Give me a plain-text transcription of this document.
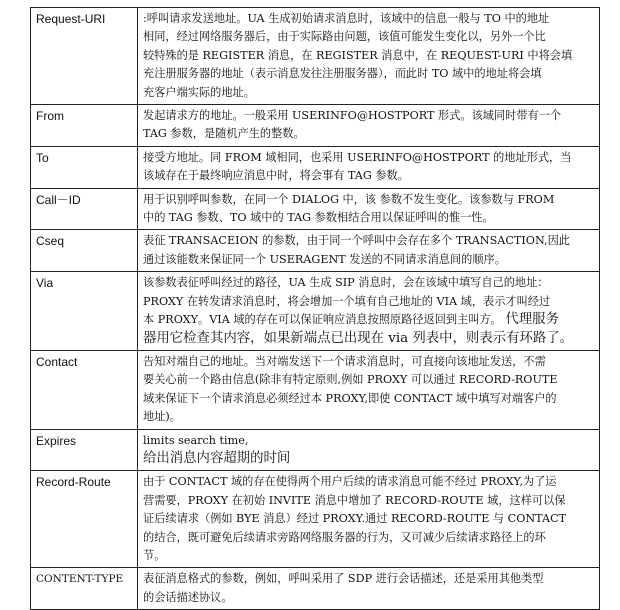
Request-URI	:呼叫请求发送地址。UA 生成初始请求消息时，该域中的信息一般与 TO 中的地址
相同，经过网络服务器后，由于实际路由问题，该值可能发生变化以，另外一个比
较特殊的是 REGISTER 消息，在 REGISTER 消息中，在 REQUEST-URI 中将会填
充注册服务器的地址（表示消息发往注册服务器），而此时 TO 域中的地址将会填
充客户端实际的地址。

From	发起请求方的地址。一般采用 USERINFO@HOSTPORT 形式。该域同时带有一个
TAG 参数，是随机产生的整数。

To	接受方地址。同 FROM 域相同，也采用 USERINFO@HOSTPORT 的地址形式，当
该域存在于最终响应消息中时，将会事有 TAG 参数。

Call－ID	用于识别呼叫参数，在同一个 DIALOG 中，该 参数不发生变化。该参数与 FROM
中的 TAG 参数、TO 域中的 TAG 参数相结合用以保证呼叫的惟一性。

Cseq	表征 TRANSACEION 的参数，由于同一个呼叫中会存在多个 TRANSACTION,因此
通过该能数来保证同一个 USERAGENT 发送的不同请求消息间的顺序。

Via	该参数表征呼叫经过的路径，UA 生成 SIP 消息时，会在该域中填写自己的地址：
PROXY 在转发请求消息时，将会增加一个填有自己地址的 VIA 域，表示才叫经过
本 PROXY。VIA 域的存在可以保证响应消息按照原路径返回到主叫方。 代理服务
器用它检查其内容，如果新端点已出现在 via 列表中，则表示有环路了。

Contact	告知对端自己的地址。当对端发送下一个请求消息时，可直接向该地址发送，不需
要关心前一个路由信息(除非有特定原则,例如 PROXY 可以通过 RECORD-ROUTE
域来保证下一个请求消息必须经过本 PROXY,即使 CONTACT 域中填写对端客户的
地址)。

Expires	limits search time,
给出消息内容超期的时间

Record-Route	由于 CONTACT 域的存在使得两个用户后续的请求消息可能不经过 PROXY,为了运
营需要，PROXY 在初始 INVITE 消息中增加了 RECORD-ROUTE 域，这样可以保
证后续请求（例如 BYE 消息）经过 PROXY.通过 RECORD-ROUTE 与 CONTACT
的结合，既可避免后续请求旁路网络服务器的行为，又可减少后续请求路径上的环
节。

CONTENT-TYPE	表征消息格式的参数，例如，呼叫采用了 SDP 进行会话描述，还是采用其他类型
的会话描述协议。
